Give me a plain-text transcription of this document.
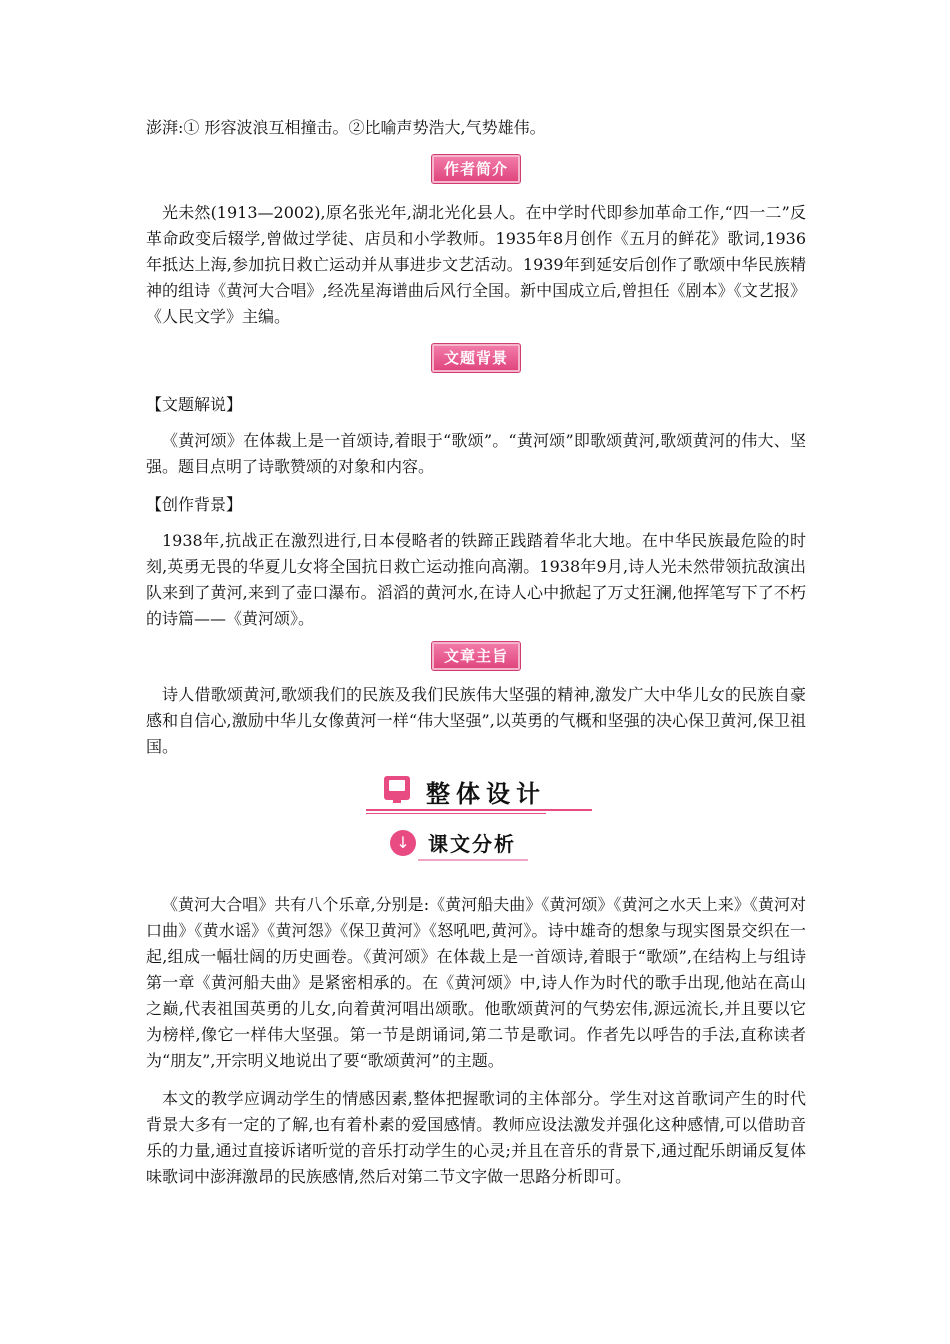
澎湃:① 形容波浪互相撞击。②比喻声势浩大,气势雄伟。

作者简介

光未然(1913—2002),原名张光年,湖北光化县人。在中学时代即参加革命工作,“四一二”反革命政变后辍学,曾做过学徒、店员和小学教师。1935年8月创作《五月的鲜花》歌词,1936年抵达上海,参加抗日救亡运动并从事进步文艺活动。1939年到延安后创作了歌颂中华民族精神的组诗《黄河大合唱》,经冼星海谱曲后风行全国。新中国成立后,曾担任《剧本》《文艺报》《人民文学》主编。

文题背景

【文题解说】

《黄河颂》在体裁上是一首颂诗,着眼于“歌颂”。“黄河颂”即歌颂黄河,歌颂黄河的伟大、坚强。题目点明了诗歌赞颂的对象和内容。

【创作背景】

1938年,抗战正在激烈进行,日本侵略者的铁蹄正践踏着华北大地。在中华民族最危险的时刻,英勇无畏的华夏儿女将全国抗日救亡运动推向高潮。1938年9月,诗人光未然带领抗敌演出队来到了黄河,来到了壶口瀑布。滔滔的黄河水,在诗人心中掀起了万丈狂澜,他挥笔写下了不朽的诗篇——《黄河颂》。

文章主旨

诗人借歌颂黄河,歌颂我们的民族及我们民族伟大坚强的精神,激发广大中华儿女的民族自豪感和自信心,激励中华儿女像黄河一样“伟大坚强”,以英勇的气概和坚强的决心保卫黄河,保卫祖国。

整体设计
↓ 课文分析

《黄河大合唱》共有八个乐章,分别是:《黄河船夫曲》《黄河颂》《黄河之水天上来》《黄河对口曲》《黄水谣》《黄河怨》《保卫黄河》《怒吼吧,黄河》。诗中雄奇的想象与现实图景交织在一起,组成一幅壮阔的历史画卷。《黄河颂》在体裁上是一首颂诗,着眼于“歌颂”,在结构上与组诗第一章《黄河船夫曲》是紧密相承的。在《黄河颂》中,诗人作为时代的歌手出现,他站在高山之巅,代表祖国英勇的儿女,向着黄河唱出颂歌。他歌颂黄河的气势宏伟,源远流长,并且要以它为榜样,像它一样伟大坚强。第一节是朗诵词,第二节是歌词。作者先以呼告的手法,直称读者为“朋友”,开宗明义地说出了要“歌颂黄河”的主题。

本文的教学应调动学生的情感因素,整体把握歌词的主体部分。学生对这首歌词产生的时代背景大多有一定的了解,也有着朴素的爱国感情。教师应设法激发并强化这种感情,可以借助音乐的力量,通过直接诉诸听觉的音乐打动学生的心灵;并且在音乐的背景下,通过配乐朗诵反复体味歌词中澎湃激昂的民族感情,然后对第二节文字做一思路分析即可。
